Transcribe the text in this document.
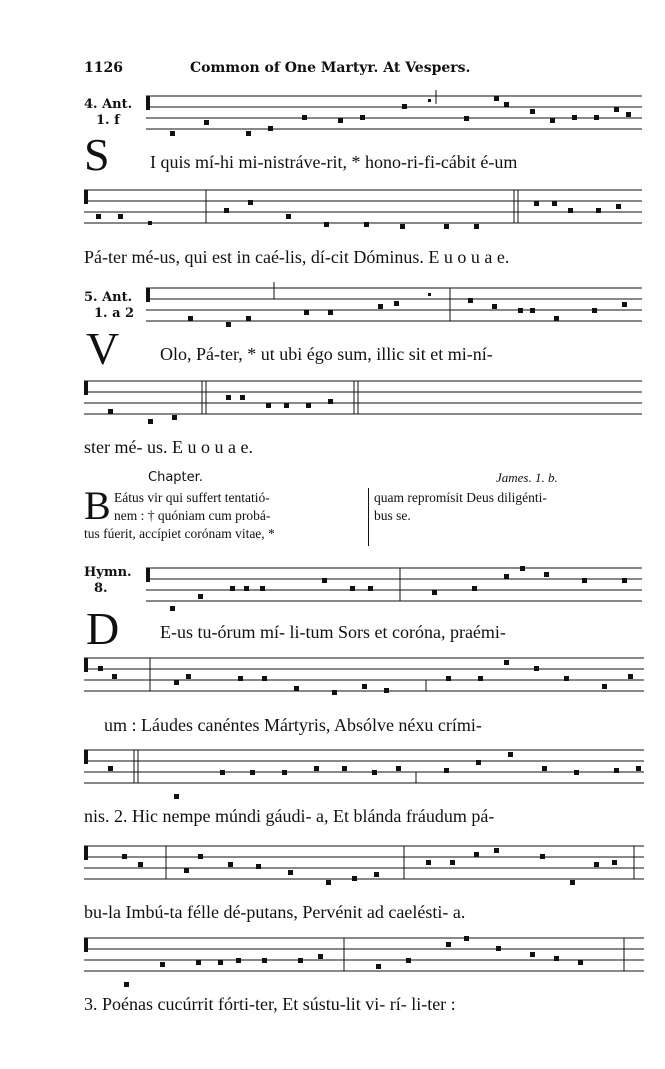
1126	Common of One Martyr. At Vespers.
4. Ant.
1. f
S I quis mí-hi mi-nistráve-rit, * hono-ri-fi-cábit é-um
Pá-ter mé-us, qui est in caé-lis, dí-cit Dóminus. E u o u a e.
5. Ant.
1. a 2
V Olo, Pá-ter, * ut ubi égo sum, illic sit et mi-ní-
ster mé- us. E u o u a e.
Chapter.	James. 1. b.
B Eátus vir qui suffert tentatió-
nem : † quóniam cum probá-
tus fúerit, accípiet corónam vitae, *
quam repromísit Deus diligénti-
bus se.
Hymn.
8.
D E-us tu-órum mí- li-tum Sors et coróna, praémi-
um : Láudes canéntes Mártyris, Absólve néxu crími-
nis. 2. Hic nempe múndi gáudi- a, Et blánda fráudum pá-
bu-la Imbú-ta félle dé-putans, Pervénit ad caelésti- a.
3. Poénas cucúrrit fórti-ter, Et sústu-lit vi- rí- li-ter :
